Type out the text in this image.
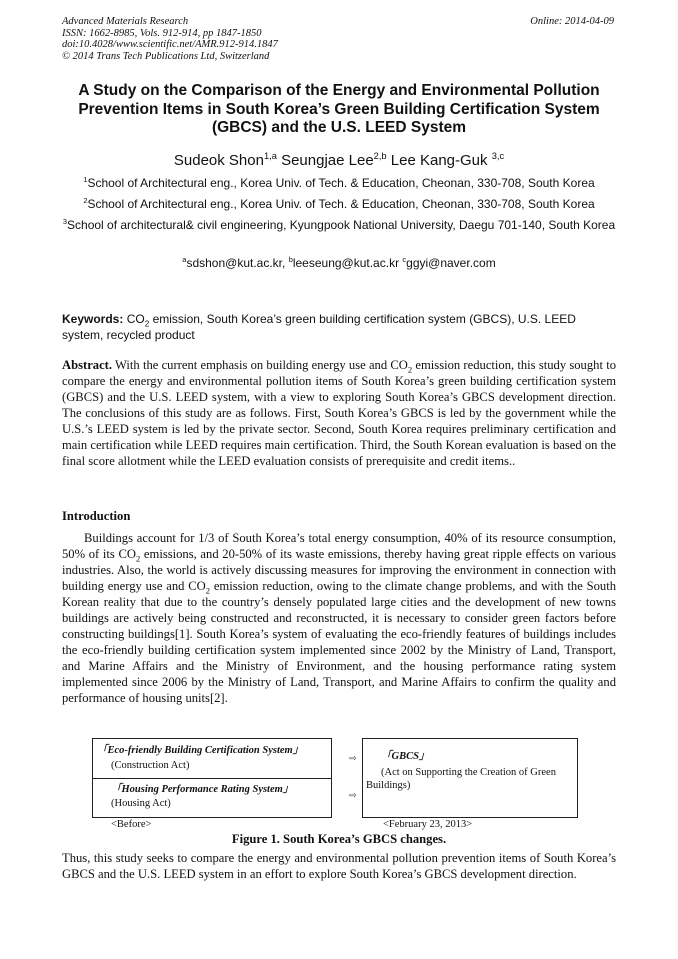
Advanced Materials Research
ISSN: 1662-8985, Vols. 912-914, pp 1847-1850
doi:10.4028/www.scientific.net/AMR.912-914.1847
© 2014 Trans Tech Publications Ltd, Switzerland
Online: 2014-04-09
A Study on the Comparison of the Energy and Environmental Pollution Prevention Items in South Korea’s Green Building Certification System (GBCS) and the U.S. LEED System
Sudeok Shon$^{1,a}$ Seungjae Lee$^{2,b}$ Lee Kang-Guk $^{3,c}$
$^1$School of Architectural eng., Korea Univ. of Tech. & Education, Cheonan, 330-708, South Korea
$^2$School of Architectural eng., Korea Univ. of Tech. & Education, Cheonan, 330-708, South Korea
$^3$School of architectural& civil engineering, Kyungpook National University, Daegu 701-140, South Korea
$^a$sdshon@kut.ac.kr, $^b$leeseung@kut.ac.kr $^c$ggyi@naver.com
Keywords: $CO_2$ emission, South Korea’s green building certification system (GBCS), U.S. LEED system, recycled product
Abstract. With the current emphasis on building energy use and $CO_2$ emission reduction, this study sought to compare the energy and environmental pollution items of South Korea’s green building certification system (GBCS) and the U.S. LEED system, with a view to exploring South Korea’s GBCS development direction. The conclusions of this study are as follows. First, South Korea’s GBCS is led by the government while the U.S.’s LEED system is led by the private sector. Second, South Korea requires preliminary certification and main certification while LEED requires main certification. Third, the South Korean evaluation is based on the final score allotment while the LEED evaluation consists of prerequisite and credit items..
Introduction
Buildings account for 1/3 of South Korea’s total energy consumption, 40% of its resource consumption, 50% of its $CO_2$ emissions, and 20-50% of its waste emissions, thereby having great ripple effects on various industries. Also, the world is actively discussing measures for improving the environment in connection with building energy use and $CO_2$ emission reduction, owing to the climate change problems, and with the South Korean reality that due to the country’s densely populated large cities and the development of new towns buildings are actively being constructed and reconstructed, it is necessary to consider green factors before constructing buildings[1]. South Korea’s system of evaluating the eco-friendly features of buildings includes the eco-friendly building certification system implemented since 2002 by the Ministry of Land, Transport, and Marine Affairs and the Ministry of Environment, and the housing performance rating system implemented since 2006 by the Ministry of Land, Transport, and Marine Affairs to confirm the quality and performance of housing units[2].
「Eco-friendly Building Certification System」
(Construction Act)
「Housing Performance Rating System」
(Housing Act)
⇨
⇨
「GBCS」
(Act on Supporting the Creation of Green Buildings)
<Before>	<February 23, 2013>
Figure 1. South Korea’s GBCS changes.
Thus, this study seeks to compare the energy and environmental pollution prevention items of South Korea’s GBCS and the U.S. LEED system in an effort to explore South Korea’s GBCS development direction.
